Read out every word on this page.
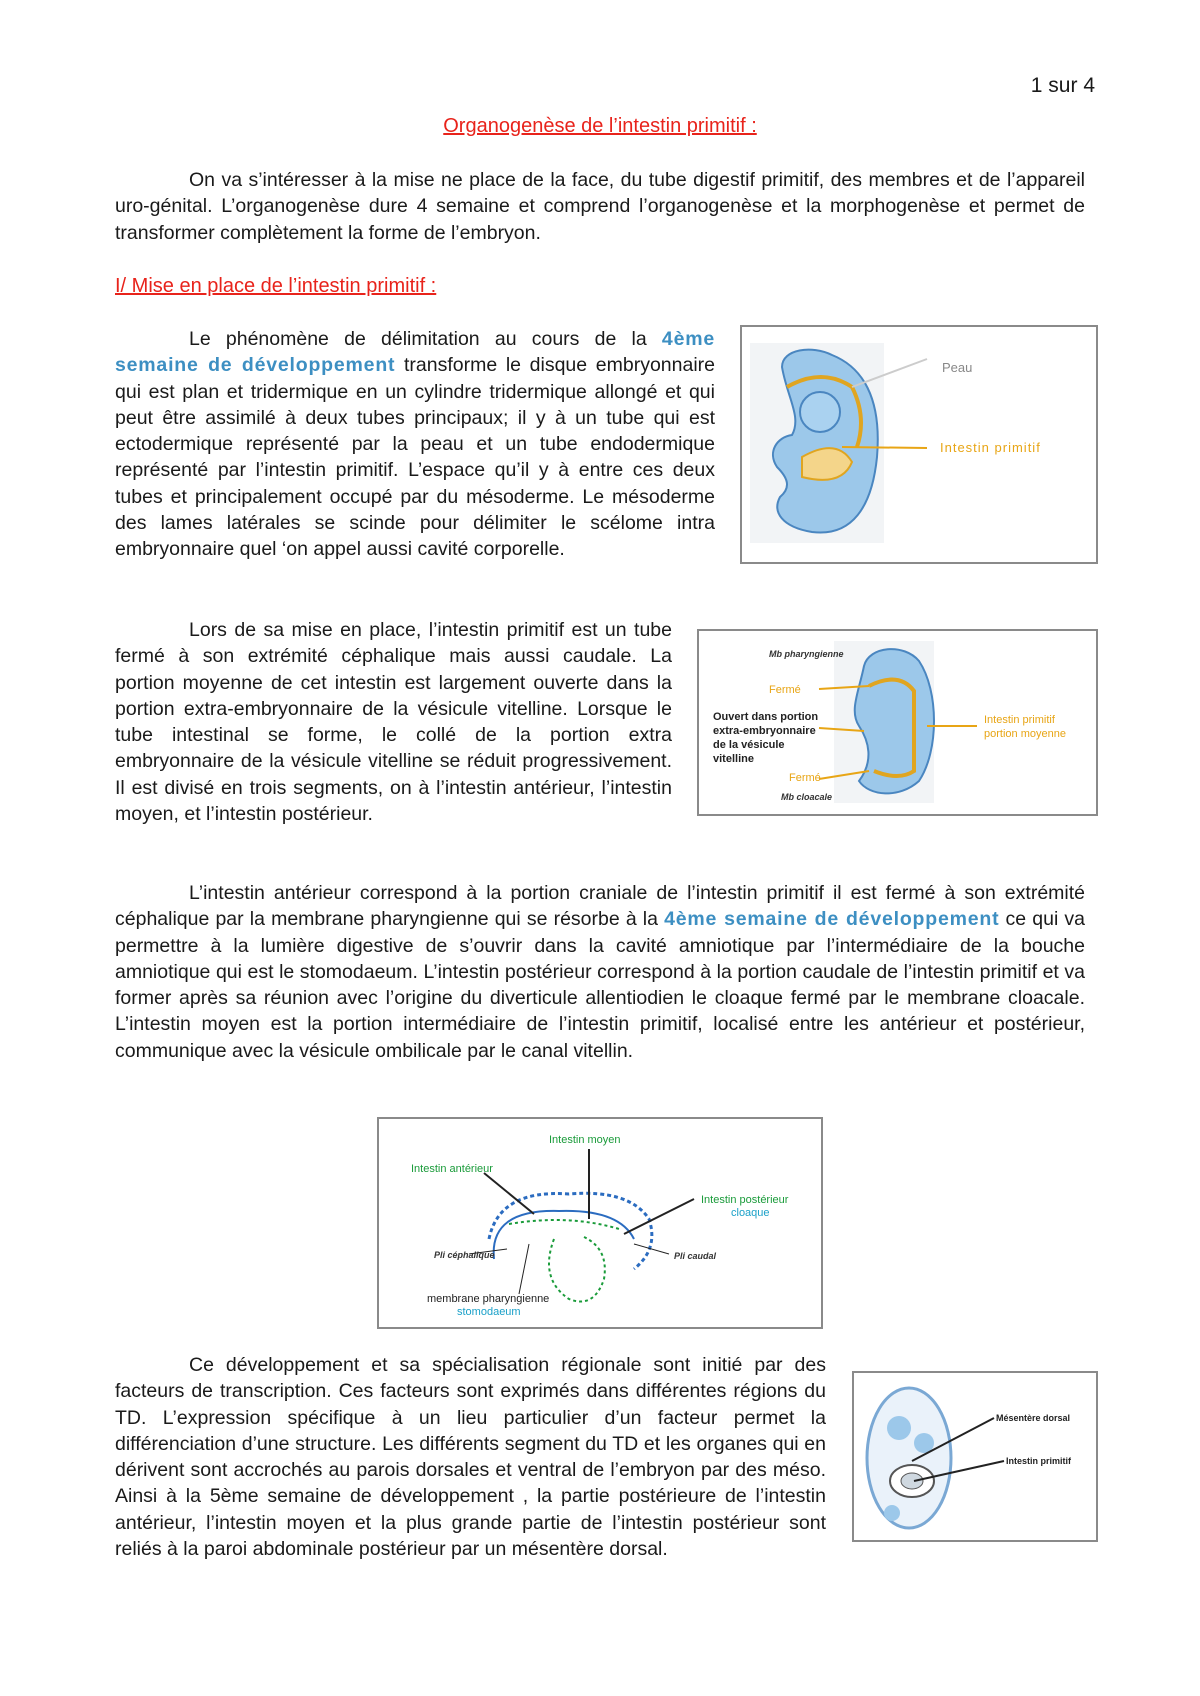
1 sur 4
Organogenèse de l’intestin primitif :

On va s’intéresser à la mise ne place de la face, du tube digestif primitif, des membres et de l’appareil uro-génital. L’organogenèse dure 4 semaine et comprend l’organogenèse et la morphogenèse et permet de transformer complètement la forme de l’embryon.

I/ Mise en place de l’intestin primitif :

Le phénomène de délimitation au cours de la 4ème semaine de développement transforme le disque embryonnaire qui est plan et tridermique en un cylindre tridermique allongé et qui peut être assimilé à deux tubes principaux; il y à un tube qui est ectodermique représenté par la peau et un tube endodermique représenté par l’intestin primitif. L’espace qu’il y à entre ces deux tubes et principalement occupé par du mésoderme. Le mésoderme des lames latérales se scinde pour délimiter le scélome intra embryonnaire quel ‘on appel aussi cavité corporelle.

Lors de sa mise en place, l’intestin primitif est un tube fermé à son extrémité céphalique mais aussi caudale. La portion moyenne de cet intestin est largement ouverte dans la portion extra-embryonnaire de la vésicule vitelline. Lorsque le tube intestinal se forme, le collé de la portion extra embryonnaire de la vésicule vitelline se réduit progressivement. Il est divisé en trois segments, on à l’intestin antérieur, l’intestin moyen, et l’intestin postérieur.

L’intestin antérieur correspond à la portion craniale de l’intestin primitif il est fermé à son extrémité céphalique par la membrane pharyngienne qui se résorbe à la 4ème semaine de développement ce qui va permettre à la lumière digestive de s’ouvrir dans la cavité amniotique par l’intermédiaire de la bouche amniotique qui est le stomodaeum. L’intestin postérieur correspond à la portion caudale de l’intestin primitif et va former après sa réunion avec l’origine du diverticule allentiodien le cloaque fermé par le membrane cloacale. L’intestin moyen est la portion intermédiaire de l’intestin primitif, localisé entre les antérieur et postérieur, communique avec la vésicule ombilicale par le canal vitellin.

Ce développement et sa spécialisation régionale sont initié par des facteurs de transcription. Ces facteurs sont exprimés dans différentes régions du TD. L’expression spécifique à un lieu particulier d’un facteur permet la différenciation d’une structure. Les différents segment du TD et les organes qui en dérivent sont accrochés au parois dorsales et ventral de l’embryon par des méso. Ainsi à la 5ème semaine de développement , la partie postérieure de l’intestin antérieur, l’intestin moyen et la plus grande partie de l’intestin postérieur sont reliés à la paroi abdominale postérieur par un mésentère dorsal.

Peau
Intestin primitif
Mb pharyngienne
Fermé
Ouvert dans portion extra-embryonnaire de la vésicule vitelline
Fermé
Mb cloacale
Intestin primitif portion moyenne
Intestin moyen
Intestin antérieur
Intestin postérieur
cloaque
Pli céphalique	Pli caudal
membrane pharyngienne
stomodaeum
Mésentère dorsal
Intestin primitif
